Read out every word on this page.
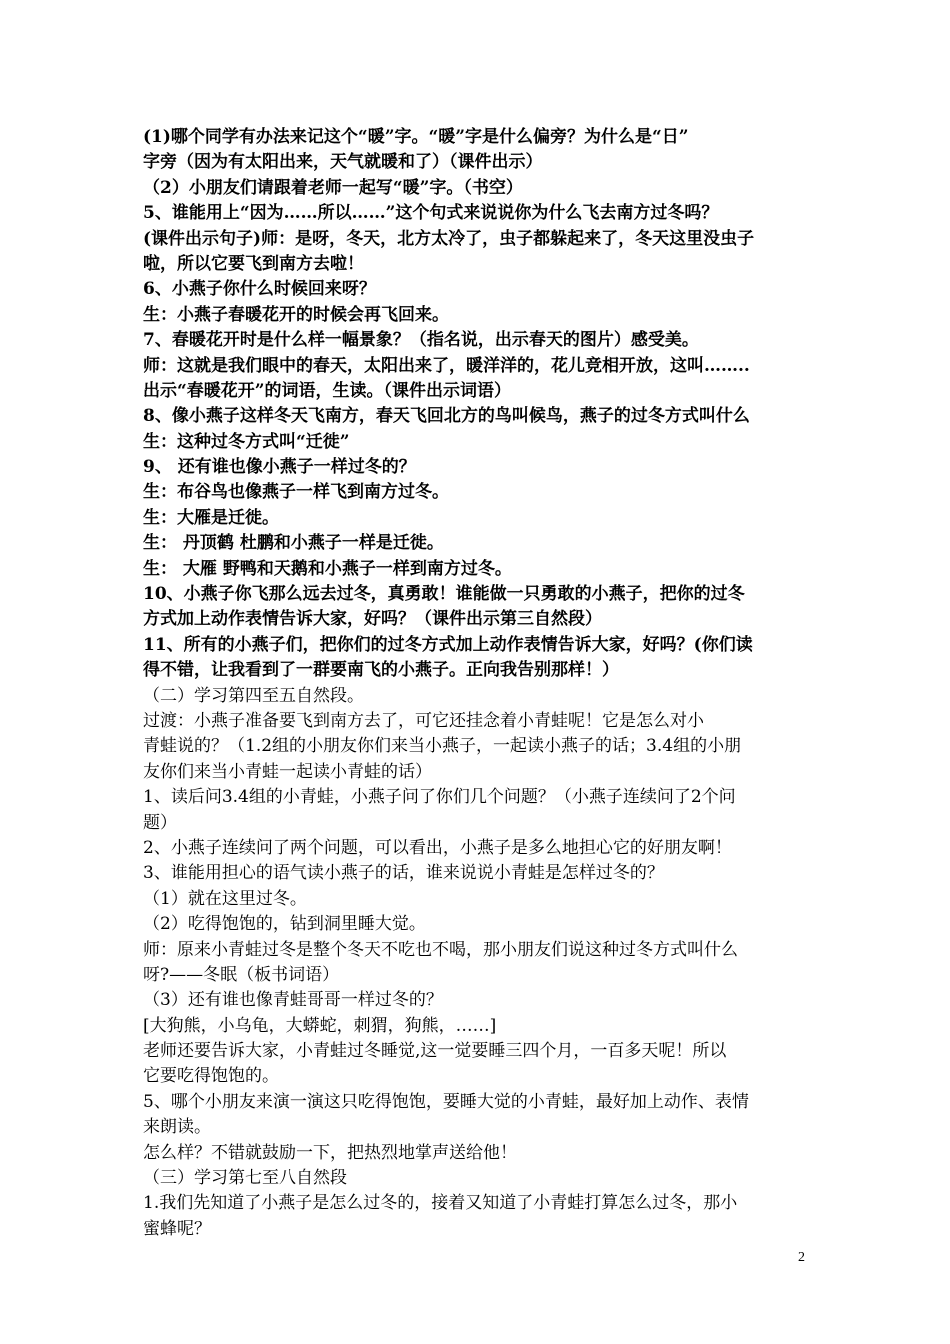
(1)哪个同学有办法来记这个“暖”字。“暖”字是什么偏旁？为什么是“日”
字旁（因为有太阳出来，天气就暖和了）（课件出示）
（2）小朋友们请跟着老师一起写“暖”字。（书空）
5、谁能用上“因为……所以……”这个句式来说说你为什么飞去南方过冬吗？
(课件出示句子)师：是呀，冬天，北方太冷了，虫子都躲起来了，冬天这里没虫子
啦，所以它要飞到南方去啦！
6、小燕子你什么时候回来呀？
生：小燕子春暖花开的时候会再飞回来。
7、春暖花开时是什么样一幅景象？（指名说，出示春天的图片）感受美。
师：这就是我们眼中的春天，太阳出来了，暖洋洋的，花儿竞相开放，这叫……..
出示“春暖花开”的词语，生读。（课件出示词语）
8、像小燕子这样冬天飞南方，春天飞回北方的鸟叫候鸟，燕子的过冬方式叫什么
生：这种过冬方式叫“迁徙”
9、 还有谁也像小燕子一样过冬的？
生：布谷鸟也像燕子一样飞到南方过冬。
生：大雁是迁徙。
生： 丹顶鹤 杜鹏和小燕子一样是迁徙。
生： 大雁 野鸭和天鹅和小燕子一样到南方过冬。
10、小燕子你飞那么远去过冬，真勇敢！谁能做一只勇敢的小燕子，把你的过冬
方式加上动作表情告诉大家，好吗？（课件出示第三自然段）
11、所有的小燕子们，把你们的过冬方式加上动作表情告诉大家，好吗？(你们读
得不错，让我看到了一群要南飞的小燕子。正向我告别那样！）
（二）学习第四至五自然段。
过渡：小燕子准备要飞到南方去了，可它还挂念着小青蛙呢！它是怎么对小
青蛙说的？（1.2组的小朋友你们来当小燕子，一起读小燕子的话；3.4组的小朋
友你们来当小青蛙一起读小青蛙的话）
1、读后问3.4组的小青蛙，小燕子问了你们几个问题？（小燕子连续问了2个问
题）
2、小燕子连续问了两个问题，可以看出，小燕子是多么地担心它的好朋友啊！
3、谁能用担心的语气读小燕子的话，谁来说说小青蛙是怎样过冬的？
（1）就在这里过冬。
（2）吃得饱饱的，钻到洞里睡大觉。
师：原来小青蛙过冬是整个冬天不吃也不喝，那小朋友们说这种过冬方式叫什么
呀?——冬眠（板书词语）
（3）还有谁也像青蛙哥哥一样过冬的？
[大狗熊，小乌龟，大蟒蛇，刺猬，狗熊，……]
老师还要告诉大家，小青蛙过冬睡觉,这一觉要睡三四个月，一百多天呢！所以
它要吃得饱饱的。
5、哪个小朋友来演一演这只吃得饱饱，要睡大觉的小青蛙，最好加上动作、表情
来朗读。
怎么样？不错就鼓励一下，把热烈地掌声送给他！
（三）学习第七至八自然段
1.我们先知道了小燕子是怎么过冬的，接着又知道了小青蛙打算怎么过冬，那小
蜜蜂呢？
2
